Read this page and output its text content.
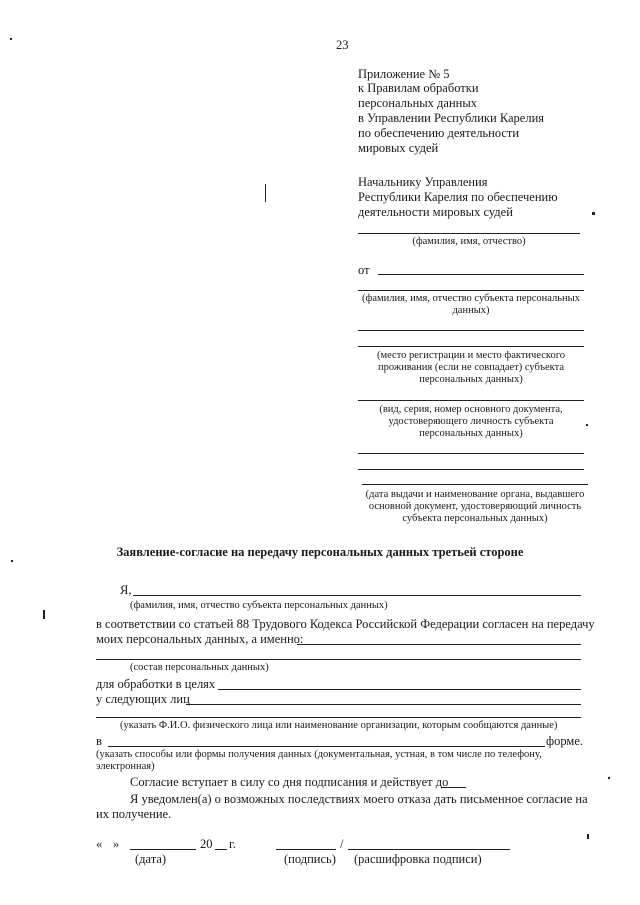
23
Приложение № 5
к Правилам обработки
персональных данных
в Управлении Республики Карелия
по обеспечению деятельности
мировых судей
Начальнику Управления
Республики Карелия по обеспечению
деятельности мировых судей
(фамилия, имя, отчество)
от
(фамилия, имя, отчество субъекта персональных
данных)
(место регистрации и место фактического
проживания (если не совпадает) субъекта
персональных данных)
(вид, серия, номер основного документа,
удостоверяющего личность субъекта
персональных данных)
(дата выдачи и наименование органа, выдавшего
основной документ, удостоверяющий личность
субъекта персональных данных)
Заявление-согласие на передачу персональных данных третьей стороне
Я,
(фамилия, имя, отчество субъекта персональных данных)
в соответствии со статьей 88 Трудового Кодекса Российской Федерации согласен на передачу
моих персональных данных, а именно:
(состав персональных данных)
для обработки в целях
у следующих лиц
(указать Ф.И.О. физического лица или наименование организации, которым сообщаются данные)
в	форме.
(указать способы или формы получения данных (документальная, устная, в том числе по телефону,
электронная)
Согласие вступает в силу со дня подписания и действует до
Я уведомлен(а) о возможных последствиях моего отказа дать письменное согласие на
их получение.
« »	20 г.	/
(дата)	(подпись) (расшифровка подписи)
